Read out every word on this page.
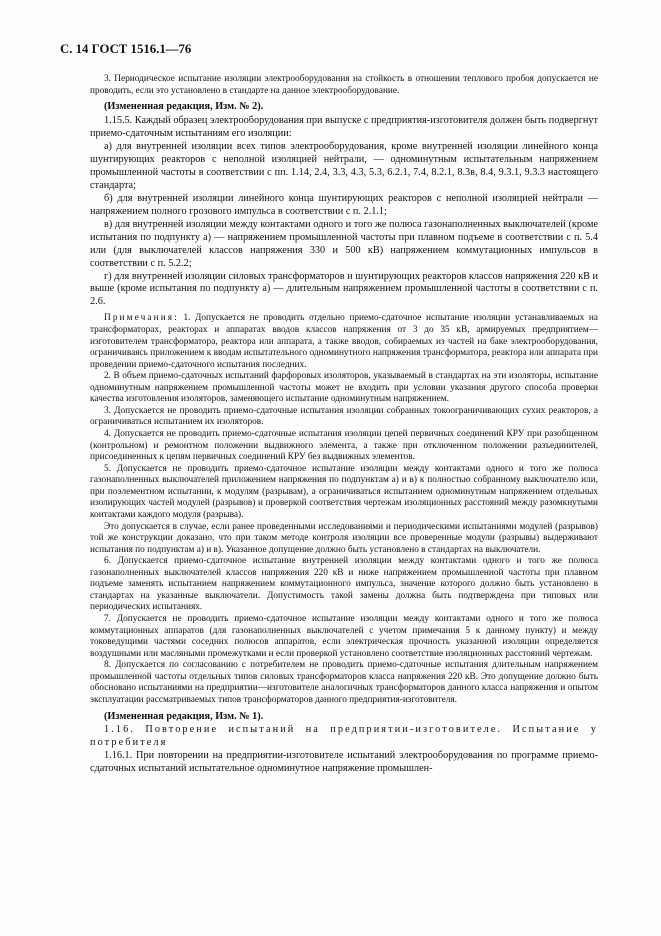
С. 14 ГОСТ 1516.1—76

3. Периодическое испытание изоляции электрооборудования на стойкость в отношении теплового пробоя допускается не проводить, если это установлено в стандарте на данное электрооборудование.

(Измененная редакция, Изм. № 2).

1.15.5. Каждый образец электрооборудования при выпуске с предприятия-изготовителя должен быть подвергнут приемо-сдаточным испытаниям его изоляции:

а) для внутренней изоляции всех типов электрооборудования, кроме внутренней изоляции линейного конца шунтирующих реакторов с неполной изоляцией нейтрали, — одноминутным испытательным напряжением промышленной частоты в соответствии с пп. 1.14, 2.4, 3.3, 4.3, 5.3, 6.2.1, 7.4, 8.2.1, 8.3в, 8.4, 9.3.1, 9.3.3 настоящего стандарта;

б) для внутренней изоляции линейного конца шунтирующих реакторов с неполной изоляцией нейтрали — напряжением полного грозового импульса в соответствии с п. 2.1.1;

в) для внутренней изоляции между контактами одного и того же полюса газонаполненных выключателей (кроме испытания по подпункту а) — напряжением промышленной частоты при плавном подъеме в соответствии с п. 5.4 или (для выключателей классов напряжения 330 и 500 кВ) напряжением коммутационных импульсов в соответствии с п. 5.2.2;

г) для внутренней изоляции силовых трансформаторов и шунтирующих реакторов классов напряжения 220 кВ и выше (кроме испытания по подпункту а) — длительным напряжением промышленной частоты в соответствии с п. 2.6.

Примечания: 1. Допускается не проводить отдельно приемо-сдаточное испытание изоляции устанавливаемых на трансформаторах, реакторах и аппаратах вводов классов напряжения от 3 до 35 кВ, армируемых предприятием—изготовителем трансформатора, реактора или аппарата, а также вводов, собираемых из частей на баке электрооборудования, ограничиваясь приложением к вводам испытательного одноминутного напряжения трансформатора, реактора или аппарата при проведении приемо-сдаточного испытания последних.

2. В объем приемо-сдаточных испытаний фарфоровых изоляторов, указываемый в стандартах на эти изоляторы, испытание одноминутным напряжением промышленной частоты может не входить при условии указания другого способа проверки качества изготовления изоляторов, заменяющего испытание одноминутным напряжением.

3. Допускается не проводить приемо-сдаточные испытания изоляции собранных токоограничивающих сухих реакторов, а ограничиваться испытанием их изоляторов.

4. Допускается не проводить приемо-сдаточные испытания изоляции цепей первичных соединений КРУ при разобщенном (контрольном) и ремонтном положении выдвижного элемента, а также при отключенном положении разъединителей, присоединенных к цепям первичных соединений КРУ без выдвижных элементов.

5. Допускается не проводить приемо-сдаточное испытание изоляции между контактами одного и того же полюса газонаполненных выключателей приложением напряжения по подпунктам а) и в) к полностью собранному выключателю или, при поэлементном испытании, к модулям (разрывам), а ограничиваться испытанием одноминутным напряжением отдельных изолирующих частей модулей (разрывов) и проверкой соответствия чертежам изоляционных расстояний между разомкнутыми контактами каждого модуля (разрыва).

Это допускается в случае, если ранее проведенными исследованиями и периодическими испытаниями модулей (разрывов) той же конструкции доказано, что при таком методе контроля изоляции все проверенные модули (разрывы) выдерживают испытания по подпунктам а) и в). Указанное допущение должно быть установлено в стандартах на выключатели.

6. Допускается приемо-сдаточное испытание внутренней изоляции между контактами одного и того же полюса газонаполненных выключателей классов напряжения 220 кВ и ниже напряжением промышленной частоты при плавном подъеме заменять испытанием напряжением коммутационного импульса, значение которого должно быть установлено в стандартах на указанные выключатели. Допустимость такой замены должна быть подтверждена при типовых или периодических испытаниях.

7. Допускается не проводить приемо-сдаточное испытание изоляции между контактами одного и того же полюса коммутационных аппаратов (для газонаполненных выключателей с учетом примечания 5 к данному пункту) и между токоведущими частями соседних полюсов аппаратов, если электрическая прочность указанной изоляции определяется воздушными или масляными промежутками и если проверкой установлено соответствие изоляционных расстояний чертежам.

8. Допускается по согласованию с потребителем не проводить приемо-сдаточные испытания длительным напряжением промышленной частоты отдельных типов силовых трансформаторов класса напряжения 220 кВ. Это допущение должно быть обосновано испытаниями на предприятии—изготовителе аналогичных трансформаторов данного класса напряжения и опытом эксплуатации рассматриваемых типов трансформаторов данного предприятия-изготовителя.

(Измененная редакция, Изм. № 1).

1.16. Повторение испытаний на предприятии-изготовителе. Испытание у потребителя

1.16.1. При повторении на предприятии-изготовителе испытаний электрооборудования по программе приемо-сдаточных испытаний испытательное одноминутное напряжение промышлен-
